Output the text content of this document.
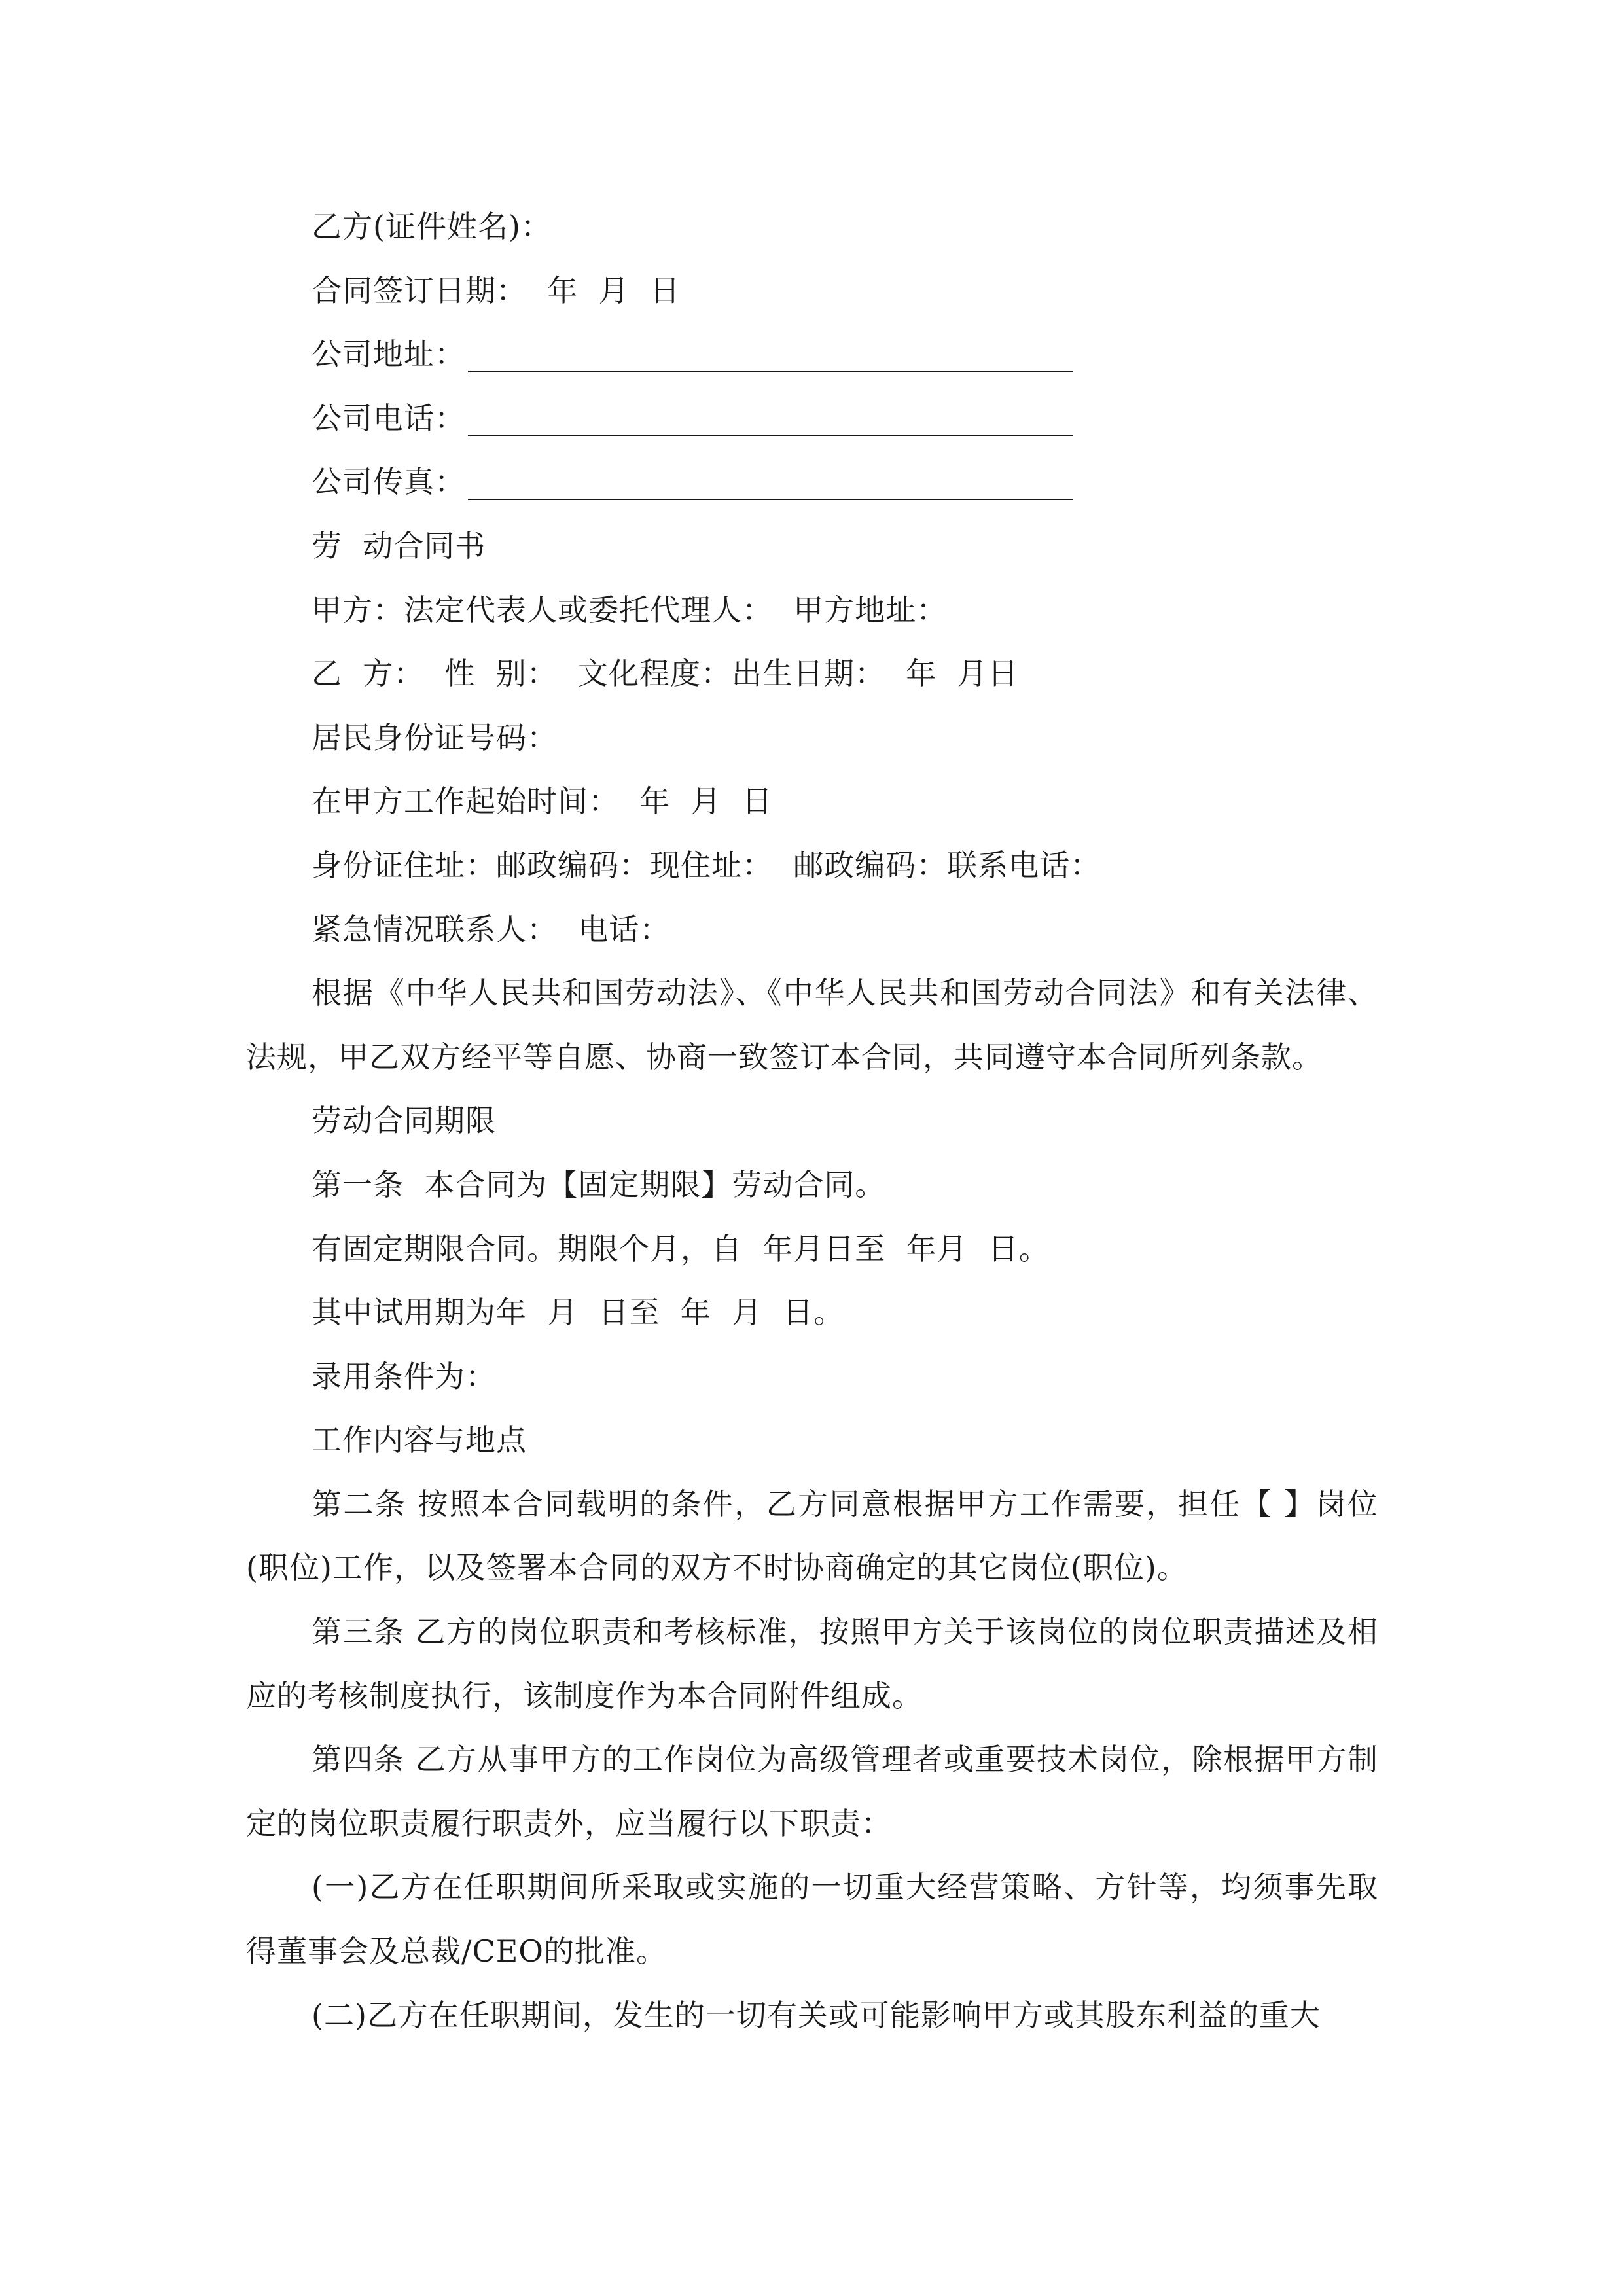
乙方(证件姓名)：
合同签订日期：  年  月  日
公司地址：
公司电话：
公司传真：
劳  动合同书
甲方：法定代表人或委托代理人：  甲方地址：
乙  方：  性  别：  文化程度：出生日期：  年  月日
居民身份证号码：
在甲方工作起始时间：  年  月  日
身份证住址：邮政编码：现住址：  邮政编码：联系电话：
紧急情况联系人：  电话：
根据《中华人民共和国劳动法》、《中华人民共和国劳动合同法》和有关法律、法规，甲乙双方经平等自愿、协商一致签订本合同，共同遵守本合同所列条款。
劳动合同期限
第一条  本合同为【固定期限】劳动合同。
有固定期限合同。期限个月，自  年月日至  年月  日。
其中试用期为年  月  日至  年  月  日。
录用条件为：
工作内容与地点
第二条 按照本合同载明的条件，乙方同意根据甲方工作需要，担任【 】岗位(职位)工作，以及签署本合同的双方不时协商确定的其它岗位(职位)。
第三条 乙方的岗位职责和考核标准，按照甲方关于该岗位的岗位职责描述及相应的考核制度执行，该制度作为本合同附件组成。
第四条 乙方从事甲方的工作岗位为高级管理者或重要技术岗位，除根据甲方制定的岗位职责履行职责外，应当履行以下职责：
(一)乙方在任职期间所采取或实施的一切重大经营策略、方针等，均须事先取得董事会及总裁/CEO的批准。
(二)乙方在任职期间，发生的一切有关或可能影响甲方或其股东利益的重大
